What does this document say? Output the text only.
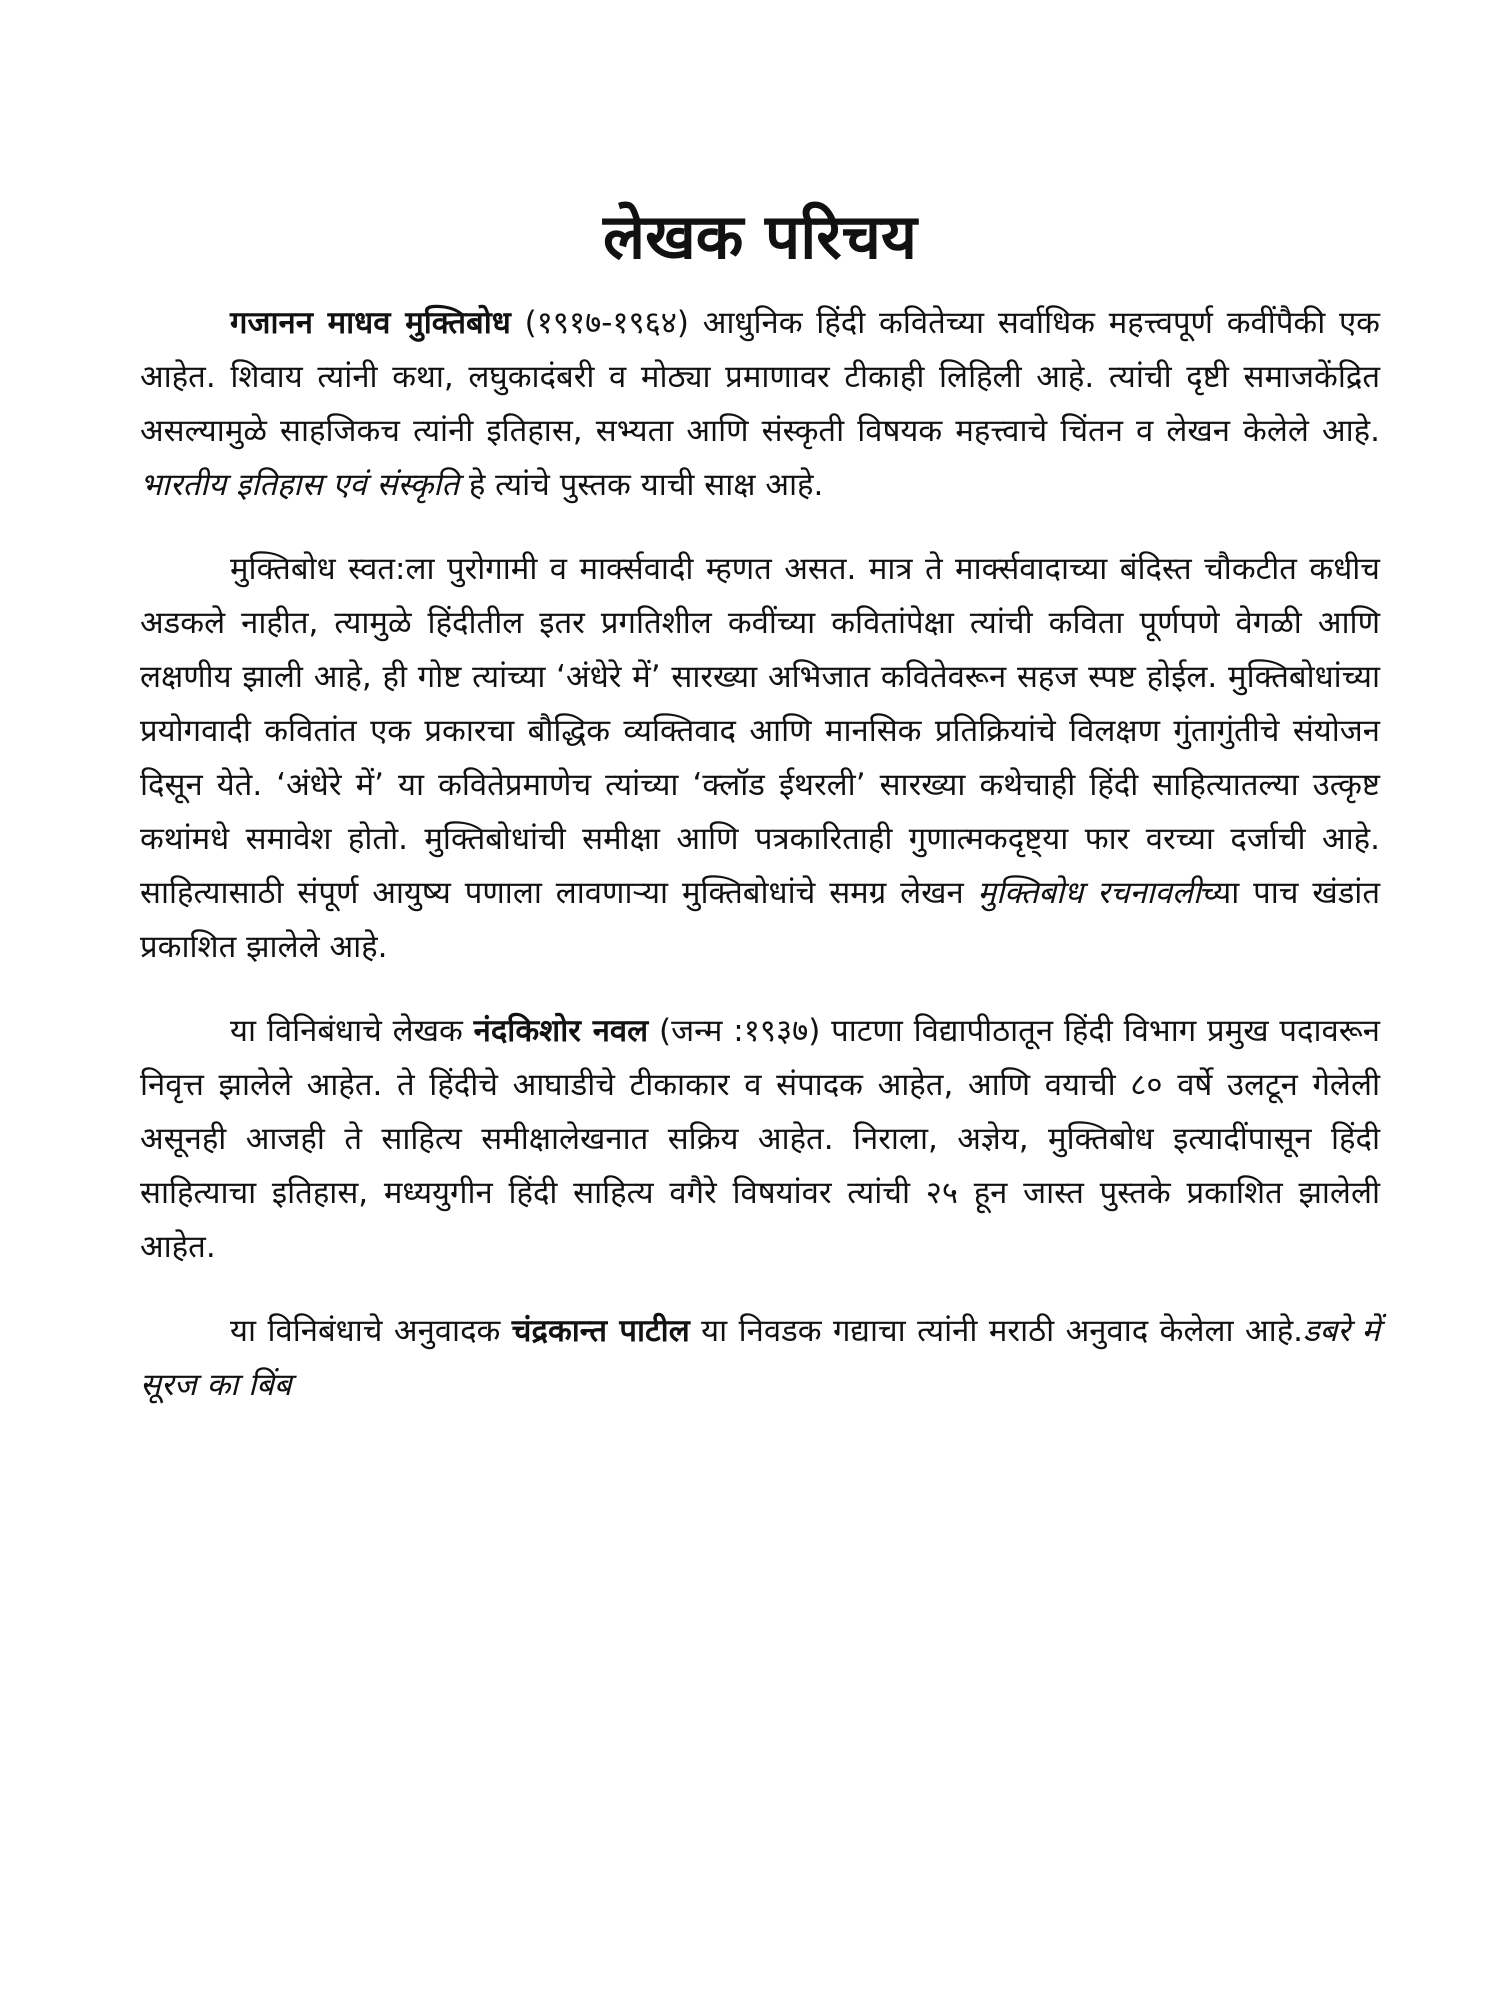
लेखक परिचय

गजानन माधव मुक्तिबोध (१९१७-१९६४) आधुनिक हिंदी कवितेच्या सर्वाधिक महत्त्वपूर्ण कवींपैकी एक आहेत. शिवाय त्यांनी कथा, लघुकादंबरी व मोठ्या प्रमाणावर टीकाही लिहिली आहे. त्यांची दृष्टी समाजकेंद्रित असल्यामुळे साहजिकच त्यांनी इतिहास, सभ्यता आणि संस्कृती विषयक महत्त्वाचे चिंतन व लेखन केलेले आहे. भारतीय इतिहास एवं संस्कृति हे त्यांचे पुस्तक याची साक्ष आहे.

मुक्तिबोध स्वत:ला पुरोगामी व मार्क्सवादी म्हणत असत. मात्र ते मार्क्सवादाच्या बंदिस्त चौकटीत कधीच अडकले नाहीत, त्यामुळे हिंदीतील इतर प्रगतिशील कवींच्या कवितांपेक्षा त्यांची कविता पूर्णपणे वेगळी आणि लक्षणीय झाली आहे, ही गोष्ट त्यांच्या ‘अंधेरे में’ सारख्या अभिजात कवितेवरून सहज स्पष्ट होईल. मुक्तिबोधांच्या प्रयोगवादी कवितांत एक प्रकारचा बौद्धिक व्यक्तिवाद आणि मानसिक प्रतिक्रियांचे विलक्षण गुंतागुंतीचे संयोजन दिसून येते. ‘अंधेरे में’ या कवितेप्रमाणेच त्यांच्या ‘क्लॉड ईथरली’ सारख्या कथेचाही हिंदी साहित्यातल्या उत्कृष्ट कथांमधे समावेश होतो. मुक्तिबोधांची समीक्षा आणि पत्रकारिताही गुणात्मकदृष्ट्या फार वरच्या दर्जाची आहे. साहित्यासाठी संपूर्ण आयुष्य पणाला लावणाऱ्या मुक्तिबोधांचे समग्र लेखन मुक्तिबोध रचनावलीच्या पाच खंडांत प्रकाशित झालेले आहे.

या विनिबंधाचे लेखक नंदकिशोर नवल (जन्म :१९३७) पाटणा विद्यापीठातून हिंदी विभाग प्रमुख पदावरून निवृत्त झालेले आहेत. ते हिंदीचे आघाडीचे टीकाकार व संपादक आहेत, आणि वयाची ८० वर्षे उलटून गेलेली असूनही आजही ते साहित्य समीक्षालेखनात सक्रिय आहेत. निराला, अज्ञेय, मुक्तिबोध इत्यादींपासून हिंदी साहित्याचा इतिहास, मध्ययुगीन हिंदी साहित्य वगैरे विषयांवर त्यांची २५ हून जास्त पुस्तके प्रकाशित झालेली आहेत.

या विनिबंधाचे अनुवादक चंद्रकान्त पाटील या निवडक गद्याचा त्यांनी मराठी अनुवाद केलेला आहे.डबरे में सूरज का बिंब
